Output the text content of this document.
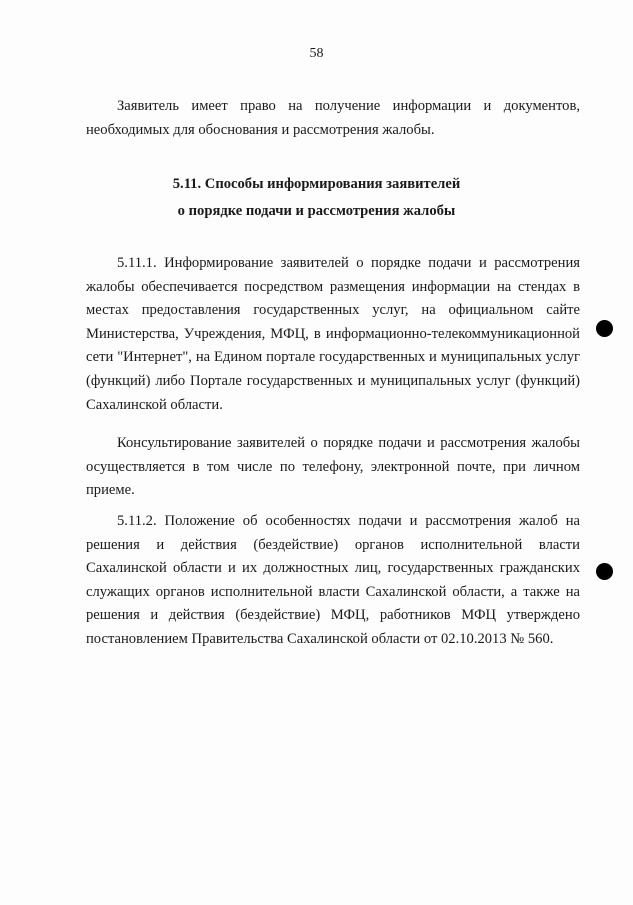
58

Заявитель имеет право на получение информации и документов, необходимых для обоснования и рассмотрения жалобы.

5.11. Способы информирования заявителей

о порядке подачи и рассмотрения жалобы

5.11.1. Информирование заявителей о порядке подачи и рассмотрения жалобы обеспечивается посредством размещения информации на стендах в местах предоставления государственных услуг, на официальном сайте Министерства, Учреждения, МФЦ, в информационно-телекоммуникационной сети "Интернет", на Едином портале государственных и муниципальных услуг (функций) либо Портале государственных и муниципальных услуг (функций) Сахалинской области.

Консультирование заявителей о порядке подачи и рассмотрения жалобы осуществляется в том числе по телефону, электронной почте, при личном приеме.

5.11.2. Положение об особенностях подачи и рассмотрения жалоб на решения и действия (бездействие) органов исполнительной власти Сахалинской области и их должностных лиц, государственных гражданских служащих органов исполнительной власти Сахалинской области, а также на решения и действия (бездействие) МФЦ, работников МФЦ утверждено постановлением Правительства Сахалинской области от 02.10.2013 № 560.
